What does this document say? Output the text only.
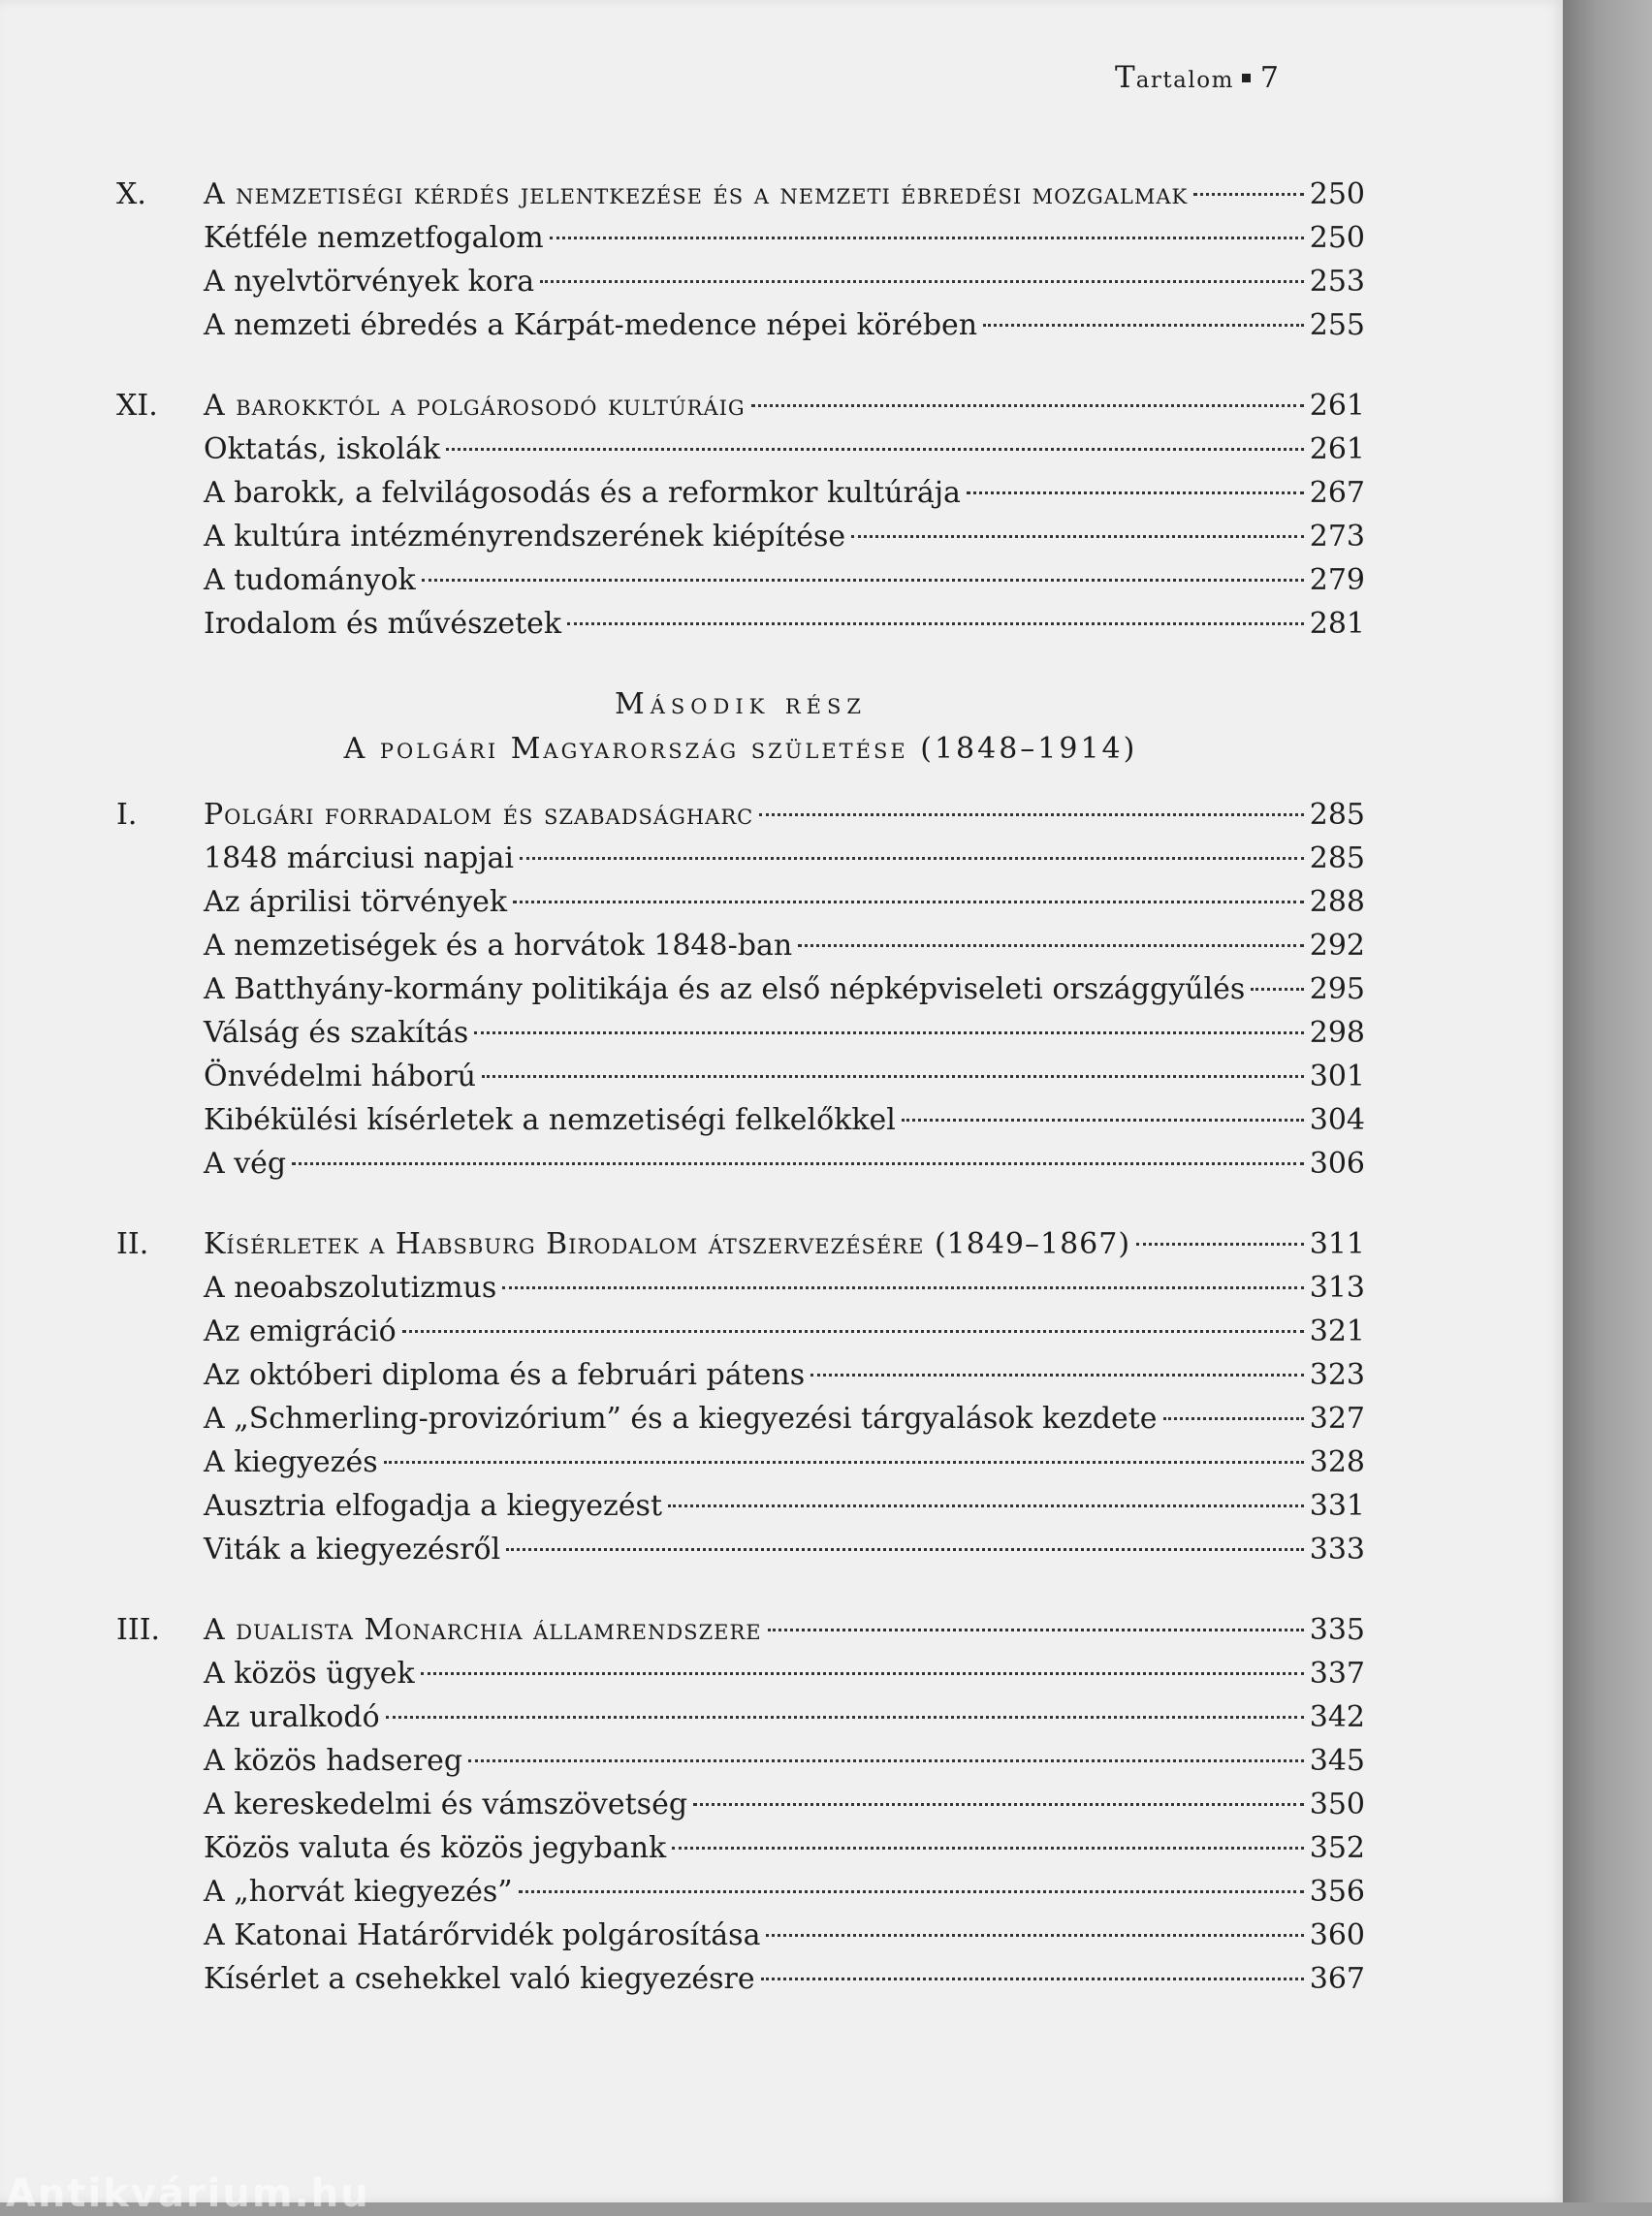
Tartalom 7
X.	A nemzetiségi kérdés jelentkezése és a nemzeti ébredési mozgalmak	250
Kétféle nemzetfogalom	250
A nyelvtörvények kora	253
A nemzeti ébredés a Kárpát-medence népei körében	255
XI.	A barokktól a polgárosodó kultúráig	261
Oktatás, iskolák	261
A barokk, a felvilágosodás és a reformkor kultúrája	267
A kultúra intézményrendszerének kiépítése	273
A tudományok	279
Irodalom és művészetek	281
Második rész
A polgári Magyarország születése (1848–1914)
I.	Polgári forradalom és szabadságharc	285
1848 márciusi napjai	285
Az áprilisi törvények	288
A nemzetiségek és a horvátok 1848-ban	292
A Batthyány-kormány politikája és az első népképviseleti országgyűlés 295
Válság és szakítás	298
Önvédelmi háború	301
Kibékülési kísérletek a nemzetiségi felkelőkkel	304
A vég	306
II.	Kísérletek a Habsburg Birodalom átszervezésére (1849–1867)	311
A neoabszolutizmus	313
Az emigráció	321
Az októberi diploma és a februári pátens	323
A „Schmerling-provizórium” és a kiegyezési tárgyalások kezdete	327
A kiegyezés	328
Ausztria elfogadja a kiegyezést	331
Viták a kiegyezésről	333
III.	A dualista Monarchia államrendszere	335
A közös ügyek	337
Az uralkodó	342
A közös hadsereg	345
A kereskedelmi és vámszövetség	350
Közös valuta és közös jegybank	352
A „horvát kiegyezés”	356
A Katonai Határőrvidék polgárosítása	360
Kísérlet a csehekkel való kiegyezésre	367
Antikvárium.hu
